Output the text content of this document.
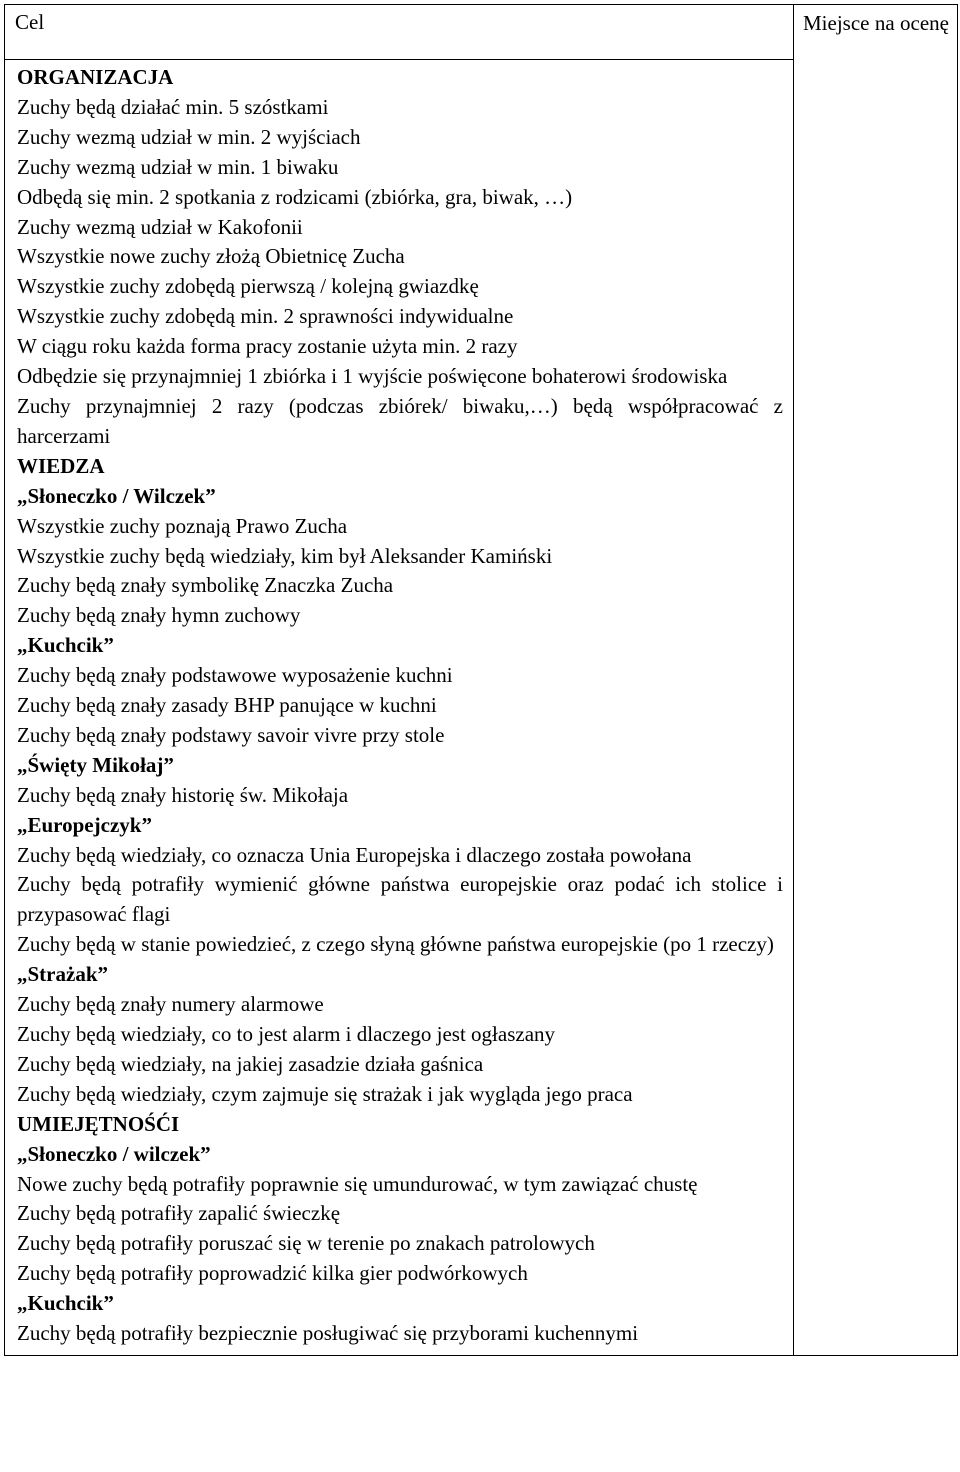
Cel	Miejsce na ocenę

ORGANIZACJA
Zuchy będą działać min. 5 szóstkami
Zuchy wezmą udział w min. 2 wyjściach
Zuchy wezmą udział w min. 1 biwaku
Odbędą się min. 2 spotkania z rodzicami (zbiórka, gra, biwak, …)
Zuchy wezmą udział w Kakofonii
Wszystkie nowe zuchy złożą Obietnicę Zucha
Wszystkie zuchy zdobędą pierwszą / kolejną gwiazdkę
Wszystkie zuchy zdobędą min. 2 sprawności indywidualne
W ciągu roku każda forma pracy zostanie użyta min. 2 razy
Odbędzie się przynajmniej 1 zbiórka i 1 wyjście poświęcone bohaterowi środowiska
Zuchy przynajmniej 2 razy (podczas zbiórek/ biwaku,…) będą współpracować z harcerzami
WIEDZA
„Słoneczko / Wilczek”
Wszystkie zuchy poznają Prawo Zucha
Wszystkie zuchy będą wiedziały, kim był Aleksander Kamiński
Zuchy będą znały symbolikę Znaczka Zucha
Zuchy będą znały hymn zuchowy
„Kuchcik”
Zuchy będą znały podstawowe wyposażenie kuchni
Zuchy będą znały zasady BHP panujące w kuchni
Zuchy będą znały podstawy savoir vivre przy stole
„Święty Mikołaj”
Zuchy będą znały historię św. Mikołaja
„Europejczyk”
Zuchy będą wiedziały, co oznacza Unia Europejska i dlaczego została powołana
Zuchy będą potrafiły wymienić główne państwa europejskie oraz podać ich stolice i przypasować flagi
Zuchy będą w stanie powiedzieć, z czego słyną główne państwa europejskie (po 1 rzeczy)
„Strażak”
Zuchy będą znały numery alarmowe
Zuchy będą wiedziały, co to jest alarm i dlaczego jest ogłaszany
Zuchy będą wiedziały, na jakiej zasadzie działa gaśnica
Zuchy będą wiedziały, czym zajmuje się strażak i jak wygląda jego praca
UMIEJĘTNOŚĆI
„Słoneczko / wilczek”
Nowe zuchy będą potrafiły poprawnie się umundurować, w tym zawiązać chustę
Zuchy będą potrafiły zapalić świeczkę
Zuchy będą potrafiły poruszać się w terenie po znakach patrolowych
Zuchy będą potrafiły poprowadzić kilka gier podwórkowych
„Kuchcik”
Zuchy będą potrafiły bezpiecznie posługiwać się przyborami kuchennymi
